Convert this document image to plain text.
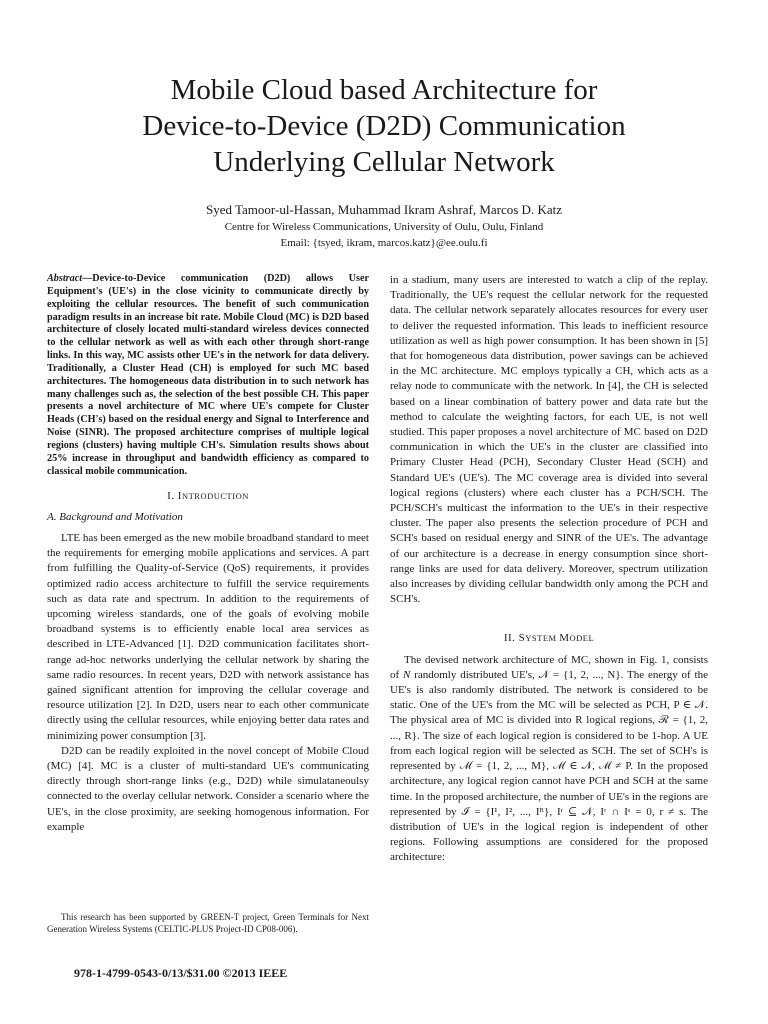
Mobile Cloud based Architecture for
Device-to-Device (D2D) Communication
Underlying Cellular Network
Syed Tamoor-ul-Hassan, Muhammad Ikram Ashraf, Marcos D. Katz
Centre for Wireless Communications, University of Oulu, Oulu, Finland
Email: {tsyed, ikram, marcos.katz}@ee.oulu.fi
Abstract—Device-to-Device communication (D2D) allows User Equipment's (UE's) in the close vicinity to communicate directly by exploiting the cellular resources. The benefit of such communication paradigm results in an increase bit rate. Mobile Cloud (MC) is D2D based architecture of closely located multi-standard wireless devices connected to the cellular network as well as with each other through short-range links. In this way, MC assists other UE's in the network for data delivery. Traditionally, a Cluster Head (CH) is employed for such MC based architectures. The homogeneous data distribution in to such network has many challenges such as, the selection of the best possible CH. This paper presents a novel architecture of MC where UE's compete for Cluster Heads (CH's) based on the residual energy and Signal to Interference and Noise (SINR). The proposed architecture comprises of multiple logical regions (clusters) having multiple CH's. Simulation results shows about 25% increase in throughput and bandwidth efficiency as compared to classical mobile communication.
I. INTRODUCTION
A. Background and Motivation

LTE has been emerged as the new mobile broadband standard to meet the requirements for emerging mobile applications and services. A part from fulfilling the Quality-of-Service (QoS) requirements, it provides optimized radio access architecture to fulfill the service requirements such as data rate and spectrum. In addition to the requirements of upcoming wireless standards, one of the goals of evolving mobile broadband systems is to efficiently enable local area services as described in LTE-Advanced [1]. D2D communication facilitates short-range ad-hoc networks underlying the cellular network by sharing the same radio resources. In recent years, D2D with network assistance has gained significant attention for improving the cellular coverage and resource utilization [2]. In D2D, users near to each other communicate directly using the cellular resources, while enjoying better data rates and minimizing power consumption [3].

D2D can be readily exploited in the novel concept of Mobile Cloud (MC) [4]. MC is a cluster of multi-standard UE's communicating directly through short-range links (e.g., D2D) while simulataneoulsy connected to the overlay cellular network. Consider a scenario where the UE's, in the close proximity, are seeking homogenous information. For example

in a stadium, many users are interested to watch a clip of the replay. Traditionally, the UE's request the cellular network for the requested data. The cellular network separately allocates resources for every user to deliver the requested information. This leads to inefficient resource utilization as well as high power consumption. It has been shown in [5] that for homogeneous data distribution, power savings can be achieved in the MC architecture. MC employs typically a CH, which acts as a relay node to communicate with the network. In [4], the CH is selected based on a linear combination of battery power and data rate but the method to calculate the weighting factors, for each UE, is not well studied. This paper proposes a novel architecture of MC based on D2D communication in which the UE's in the cluster are classified into Primary Cluster Head (PCH), Secondary Cluster Head (SCH) and Standard UE's (UE's). The MC coverage area is divided into several logical regions (clusters) where each cluster has a PCH/SCH. The PCH/SCH's multicast the information to the UE's in their respective cluster. The paper also presents the selection procedure of PCH and SCH's based on residual energy and SINR of the UE's. The advantage of our architecture is a decrease in energy consumption since short-range links are used for data delivery. Moreover, spectrum utilization also increases by dividing cellular bandwidth only among the PCH and SCH's.

II. SYSTEM MODEL

The devised network architecture of MC, shown in Fig. 1, consists of N randomly distributed UE's, 𝒩 = {1, 2, ..., N}. The energy of the UE's is also randomly distributed. The network is considered to be static. One of the UE's from the MC will be selected as PCH, P ∈ 𝒩. The physical area of MC is divided into R logical regions, ℛ = {1, 2, ..., R}. The size of each logical region is considered to be 1-hop. A UE from each logical region will be selected as SCH. The set of SCH's is represented by ℳ = {1, 2, ..., M}, ℳ ∈ 𝒩, ℳ ≠ P. In the proposed architecture, any logical region cannot have PCH and SCH at the same time. In the proposed architecture, the number of UE's in the regions are represented by ℐ = {I¹, I², ..., Iᴿ}, Iʳ ⊆ 𝒩, Iʳ ∩ Iˢ = 0, r ≠ s. The distribution of UE's in the logical region is independent of other regions. Following assumptions are considered for the proposed architecture:

This research has been supported by GREEN-T project, Green Terminals for Next Generation Wireless Systems (CELTIC-PLUS Project-ID CP08-006).
978-1-4799-0543-0/13/$31.00 ©2013 IEEE
